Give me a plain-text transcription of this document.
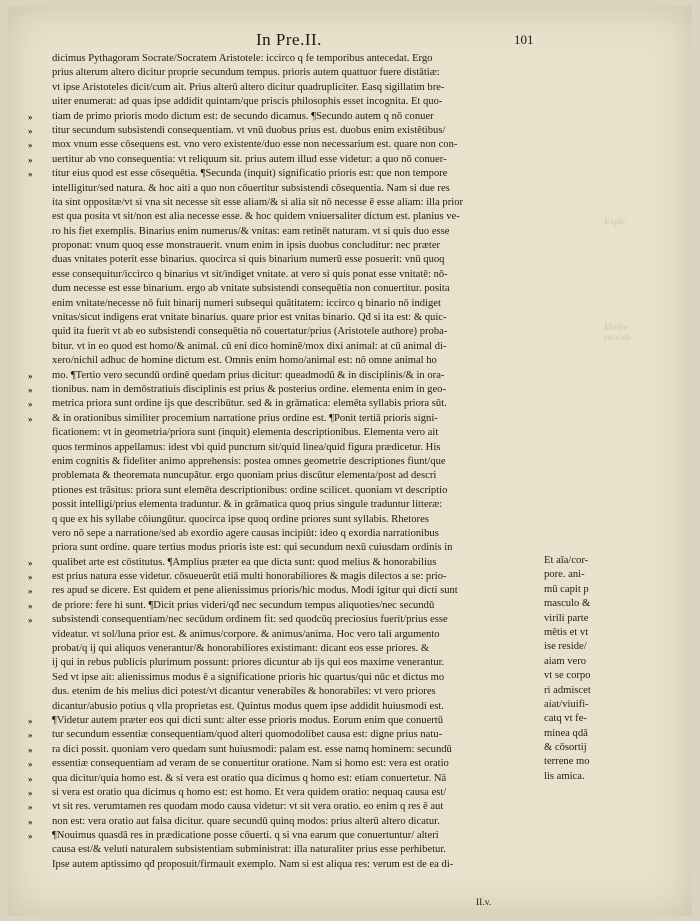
In Pre.II.	101
dicimus Pythagoram Socrate/Socratem Aristotele: iccirco q fe temporibus antecedat. Ergo
prius alterum altero dicitur proprie secundum tempus. prioris autem quattuor fuere distātiæ:
vt ipse Aristoteles dicit/cum ait. Prius alterū altero dicitur quadrupliciter. Easq sigillatim bre-
uiter enumerat: ad quas ipse addidit quintam/que priscis philosophis esset incognita. Et quo-
tiam de primo prioris modo dictum est: de secundo dicamus. ¶Secundo autem q nō conuer
»
titur secundum subsistendi consequentiam. vt vnū duobus prius est. duobus enim existētibus/
»
mox vnum esse cōsequens est. vno vero existente/duo esse non necessarium est. quare non con-
»
uertitur ab vno consequentia: vt reliquum sit. prius autem illud esse videtur: a quo nō conuer-
»
titur eius quod est esse cōsequētia. ¶Secunda (inquit) significatio prioris est: que non tempore
»
intelligitur/sed natura. & hoc aiti a quo non cōuertitur subsistendi cōsequentia. Nam si due res
ita sint oppositæ/vt si vna sit necesse sit esse aliam/& si alia sit nō necesse ē esse aliam: illa prior
est qua posita vt sit/non est alia necesse esse. & hoc quidem vniuersaliter dictum est. planius ve-
ro his fiet exemplis. Binarius enim numerus/& vnitas: eam retinēt naturam. vt si quis duo esse
proponat: vnum quoq esse monstrauerit. vnum enim in ipsis duobus concluditur: nec præter
duas vnitates poterit esse binarius. quocirca si quis binarium numerū esse posuerit: vnū quoq
esse consequitur/iccirco q binarius vt sit/indiget vnitate. at vero si quis ponat esse vnitatē: nō-
dum necesse est esse binarium. ergo ab vnitate subsistendi consequētia non conuertitur. posita
enim vnitate/necesse nō fuit binarij numeri subsequi quātitatem: iccirco q binario nō indiget
vnitas/sicut indigens erat vnitate binarius. quare prior est vnitas binario. Qđ si ita est: & quic-
quid ita fuerit vt ab eo subsistendi consequētia nō couertatur/prius (Aristotele authore) proba-
bitur. vt in eo quod est homo/& animal. cū eni dico hominē/mox dixi animal: at cū animal di-
xero/nichil adhuc de homine dictum est. Omnis enim homo/animal est: nō omne animal ho
mo. ¶Tertio vero secundū ordinē quedam prius dicitur: queadmodū & in disciplinis/& in ora-
»
tionibus. nam in demōstratiuis disciplinis est prius & posterius ordine. elementa enim in geo-
»
metrica priora sunt ordine ijs que describūtur. sed & in grāmatica: elemēta syllabis priora sūt.
»
& in orationibus similiter procemium narratione prius ordine est. ¶Ponit tertiā prioris signi-
»
ficationem: vt in geometria/priora sunt (inquit) elementa descriptionibus. Elementa vero ait
quos terminos appellamus: idest vbi quid punctum sit/quid linea/quid figura prædicetur. His
enim cognitis & fideliter animo apprehensis: postea omnes geometrie descriptiones fiunt/que
problemata & theoremata nuncupātur. ergo quoniam prius discūtur elementa/post ad descri
ptiones est trāsitus: priora sunt elemēta descriptionibus: ordine scilicet. quoniam vt descriptio
possit intelligi/prius elementa traduntur. & in grāmatica quoq prius singule traduntur litteræ:
q que ex his syllabe cōiungūtur. quocirca ipse quoq ordine priores sunt syllabis. Rhetores
vero nō sepe a narratione/sed ab exordio agere causas incipiūt: ideo q exordia narrationibus
priora sunt ordine. quare tertius modus prioris iste est: qui secundum nexū cuiusdam ordinis in
qualibet arte est cōstitutus. ¶Amplius præter ea que dicta sunt: quod melius & honorabilius
»
est prius natura esse videtur. cōsueuerūt etiā multi honorabiliores & magis dilectos a se: prio-
»
res apud se dicere. Est quidem et pene alienissimus prioris/hic modus. Modi igitur qui dicti sunt
»
de priore: fere hi sunt. ¶Dicit prius videri/qđ nec secundum tempus aliquoties/nec secundū
»
subsistendi consequentiam/nec secūdum ordinem fit: sed quodcūq preciosius fuerit/prius esse
»
videatur. vt sol/luna prior est. & animus/corpore. & animus/anima. Hoc vero tali argumento
probat/q ij qui aliquos venerantur/& honorabiliores existimant: dicant eos esse priores. &
ij qui in rebus publicis plurimum possunt: priores dicuntur ab ijs qui eos maxime venerantur.
Sed vt ipse ait: alienissimus modus ē a significatione prioris hic quartus/qui nūc et dictus mo
dus. etenim de his melius dici potest/vt dicantur venerabiles & honorabiles: vt vero priores
dicantur/abusio potius q vlla proprietas est. Quintus modus quem ipse addidit huiusmodi est.
¶Videtur autem præter eos qui dicti sunt: alter esse prioris modus. Eorum enim que conuertū
»
tur secundum essentiæ consequentiam/quod alteri quomodolibet causa est: digne prius natu-
»
ra dici possit. quoniam vero quedam sunt huiusmodi: palam est. esse namq hominem: secundū
»
essentiæ consequentiam ad veram de se conuertitur oratione. Nam si homo est: vera est oratio
»
qua dicitur/quia homo est. & si vera est oratio qua dicimus q homo est: etiam conuertetur. Nā
»
si vera est oratio qua dicimus q homo est: est homo. Et vera quidem oratio: nequaq causa est/
»
vt sit res. verumtamen res quodam modo causa videtur: vt sit vera oratio. eo enim q res ē aut
»
non est: vera oratio aut falsa dicitur. quare secundū quinq modos: prius alterū altero dicatur.
»
¶Nouimus quasdā res in prædicatione posse cōuerti. q si vna earum que conuertuntur/ alteri
»
causa est/& veluti naturalem subsistentiam subministrat: illa naturaliter prius esse perhibetur.
Ipse autem aptissimo qđ proposuit/firmauit exemplo. Nam si est aliqua res: verum est de ea di-
Et aīa/cor-
pore. ani-
mū capit p
masculo &
virili parte
mētis et vt
ise reside/
aiam vero
vt se corpo
ri admiscet
aiat/viuifi-
catq vt fe-
minea qdā
& cōsortij
terrene mo
lis amica.
Expli-
Modo-
ceccam
II.v.
